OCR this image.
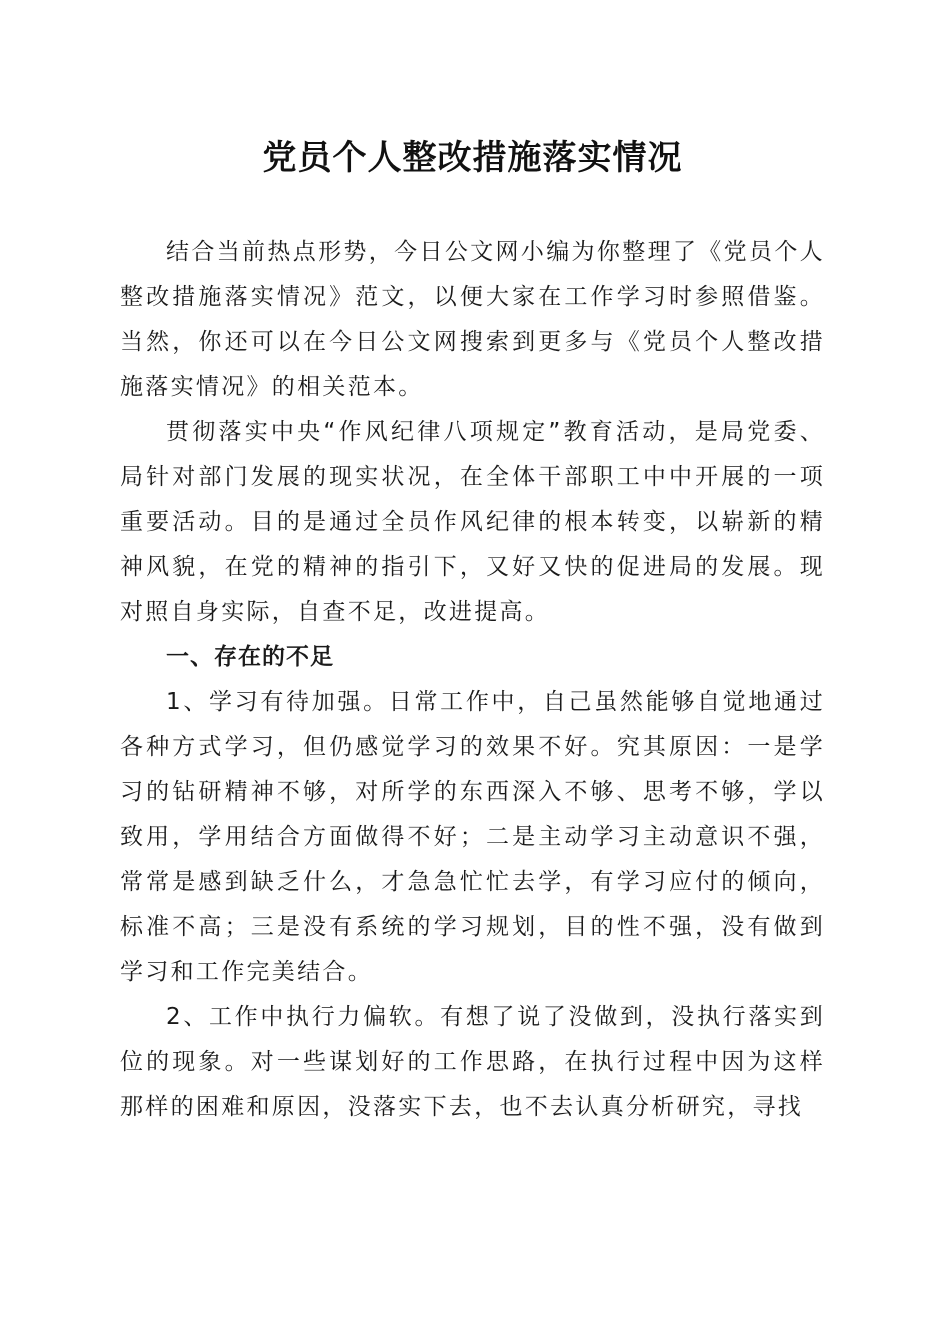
党员个人整改措施落实情况

结合当前热点形势，今日公文网小编为你整理了《党员个人整改措施落实情况》范文，以便大家在工作学习时参照借鉴。当然，你还可以在今日公文网搜索到更多与《党员个人整改措施落实情况》的相关范本。

贯彻落实中央“作风纪律八项规定”教育活动，是局党委、局针对部门发展的现实状况，在全体干部职工中中开展的一项重要活动。目的是通过全员作风纪律的根本转变，以崭新的精神风貌，在党的精神的指引下，又好又快的促进局的发展。现对照自身实际，自查不足，改进提高。

一、存在的不足

1、学习有待加强。日常工作中，自己虽然能够自觉地通过各种方式学习，但仍感觉学习的效果不好。究其原因：一是学习的钻研精神不够，对所学的东西深入不够、思考不够，学以致用，学用结合方面做得不好；二是主动学习主动意识不强，常常是感到缺乏什么，才急急忙忙去学，有学习应付的倾向，标准不高；三是没有系统的学习规划，目的性不强，没有做到学习和工作完美结合。

2、工作中执行力偏软。有想了说了没做到，没执行落实到位的现象。对一些谋划好的工作思路，在执行过程中因为这样那样的困难和原因，没落实下去，也不去认真分析研究，寻找
